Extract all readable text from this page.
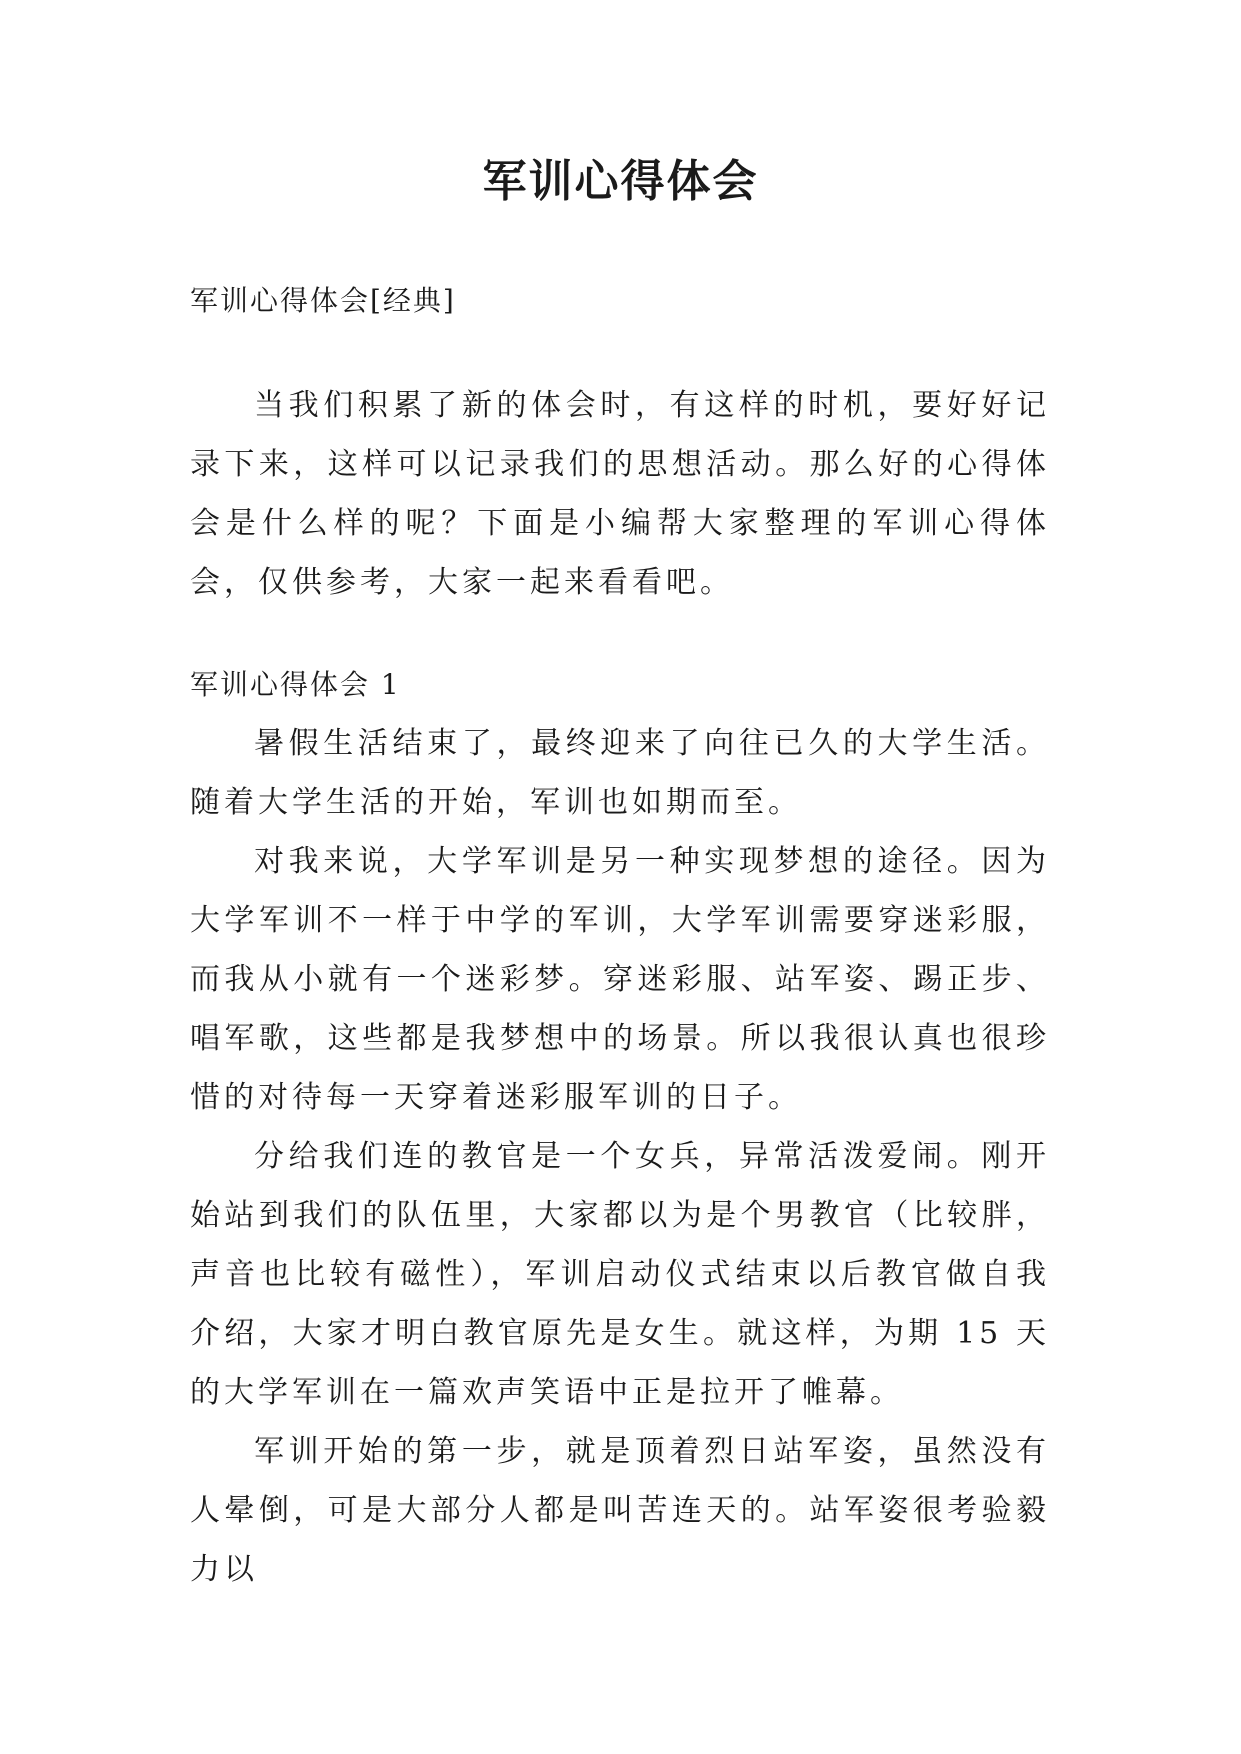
军训心得体会

军训心得体会[经典]

当我们积累了新的体会时，有这样的时机，要好好记录下来，这样可以记录我们的思想活动。那么好的心得体会是什么样的呢？下面是小编帮大家整理的军训心得体会，仅供参考，大家一起来看看吧。

军训心得体会 1

暑假生活结束了，最终迎来了向往已久的大学生活。随着大学生活的开始，军训也如期而至。

对我来说，大学军训是另一种实现梦想的途径。因为大学军训不一样于中学的军训，大学军训需要穿迷彩服，而我从小就有一个迷彩梦。穿迷彩服、站军姿、踢正步、唱军歌，这些都是我梦想中的场景。所以我很认真也很珍惜的对待每一天穿着迷彩服军训的日子。

分给我们连的教官是一个女兵，异常活泼爱闹。刚开始站到我们的队伍里，大家都以为是个男教官（比较胖，声音也比较有磁性），军训启动仪式结束以后教官做自我介绍，大家才明白教官原先是女生。就这样，为期 15 天的大学军训在一篇欢声笑语中正是拉开了帷幕。

军训开始的第一步，就是顶着烈日站军姿，虽然没有人晕倒，可是大部分人都是叫苦连天的。站军姿很考验毅力以
